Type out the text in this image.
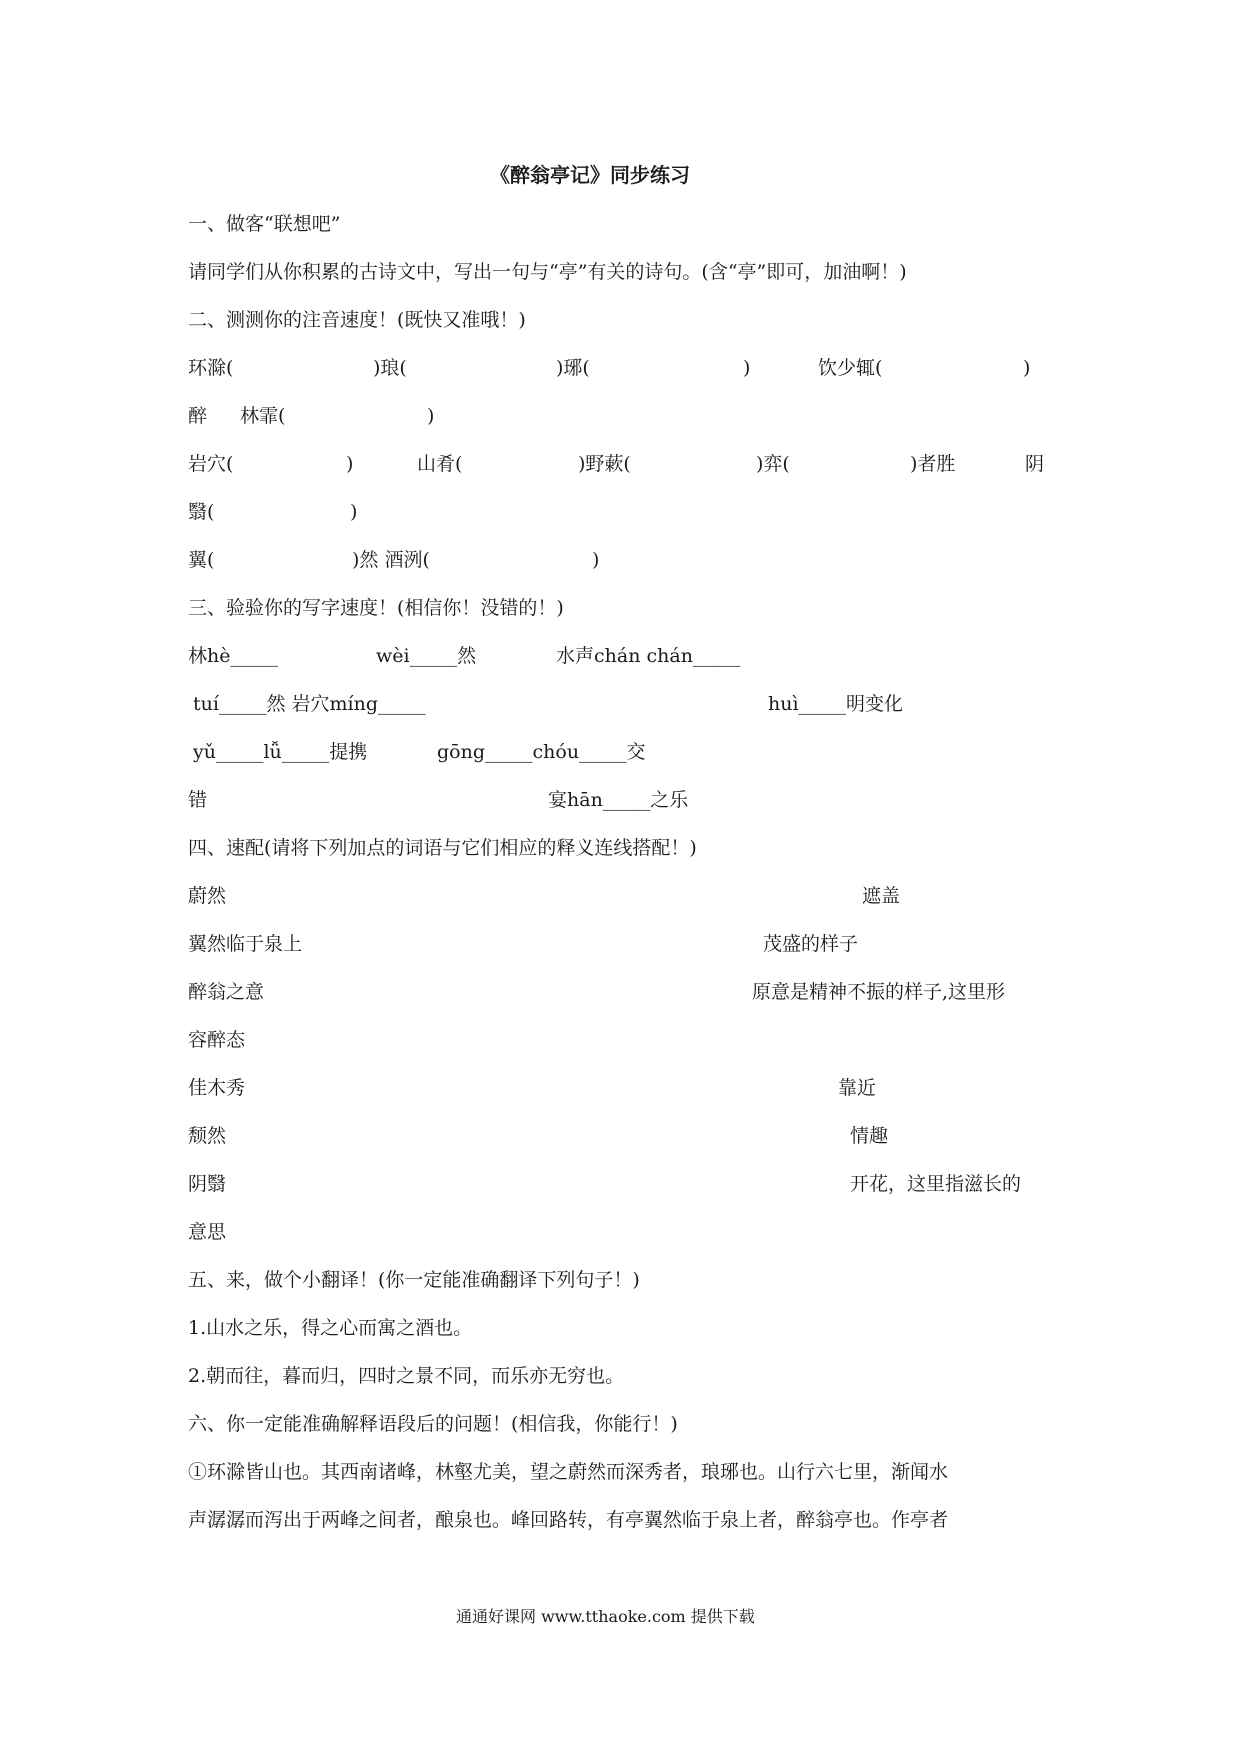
《醉翁亭记》同步练习
一、做客“联想吧”
请同学们从你积累的古诗文中，写出一句与“亭”有关的诗句。(含“亭”即可，加油啊！)
二、测测你的注音速度！(既快又准哦！)
环滁(	)琅(	)琊(	)	饮少辄(	)
醉 林霏(	)
岩穴(	)	山肴(	)野蔌(	)弈(	)者胜	阴
翳(	)
翼(	)然 酒洌(	)
三、验验你的写字速度！(相信你！没错的！)
林hè_____	wèi_____然	水声chán chán_____
tuí_____然 岩穴míng_____	huì_____明变化
yǔ_____lǚ_____提携	gōng_____chóu_____交
错	宴hān_____之乐
四、速配(请将下列加点的词语与它们相应的释义连线搭配！)
蔚然	遮盖
翼然临于泉上	茂盛的样子
醉翁之意	原意是精神不振的样子,这里形
容醉态
佳木秀	靠近
颓然	情趣
阴翳	开花，这里指滋长的
意思
五、来，做个小翻译！(你一定能准确翻译下列句子！)
1.山水之乐，得之心而寓之酒也。
2.朝而往，暮而归，四时之景不同，而乐亦无穷也。
六、你一定能准确解释语段后的问题！(相信我，你能行！)
①环滁皆山也。其西南诸峰，林壑尤美，望之蔚然而深秀者，琅琊也。山行六七里，渐闻水
声潺潺而泻出于两峰之间者，酿泉也。峰回路转，有亭翼然临于泉上者，醉翁亭也。作亭者
通通好课网 www.tthaoke.com 提供下载
